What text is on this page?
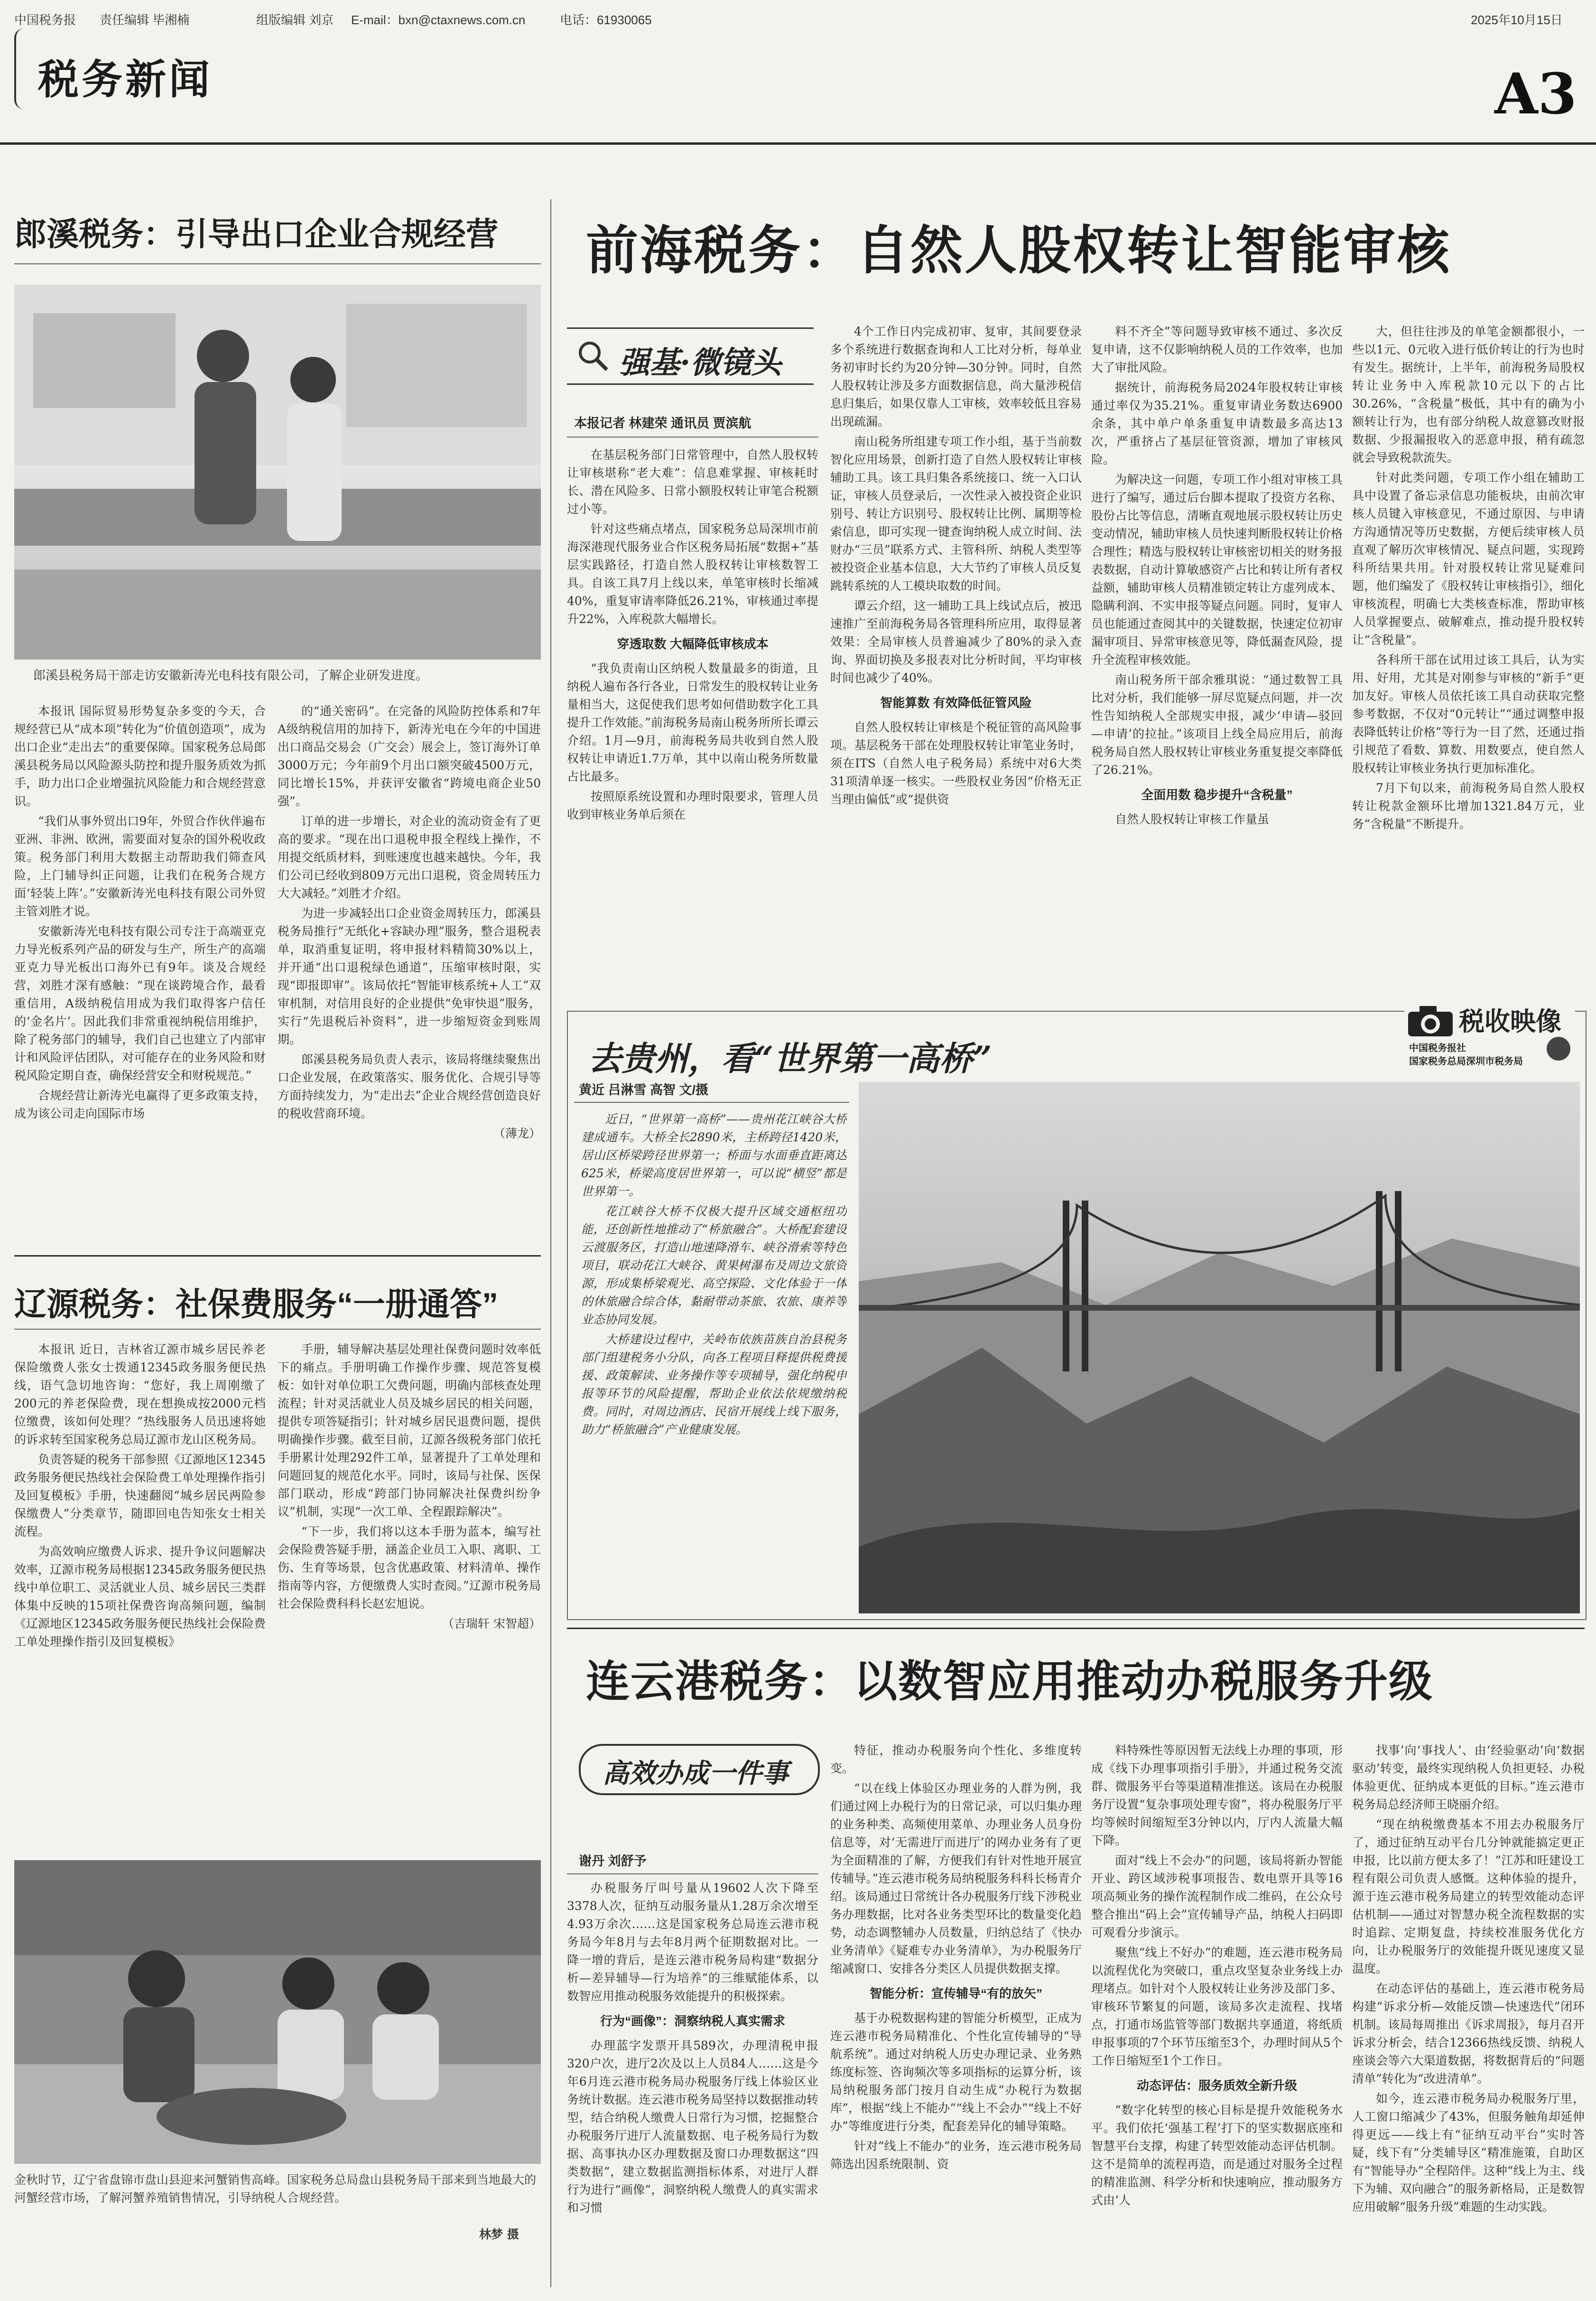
中国税务报 责任编辑 毕湘楠	组版编辑 刘京 E-mail：bxn@ctaxnews.com.cn	电话：61930065	2025年10月15日
税务新闻	A3
郎溪税务：引导出口企业合规经营
郎溪县税务局干部走访安徽新涛光电科技有限公司，了解企业研发进度。

本报讯 国际贸易形势复杂多变的今天，合规经营已从“成本项”转化为“价值创造项”，成为出口企业“走出去”的重要保障。国家税务总局郎溪县税务局以风险源头防控和提升服务质效为抓手，助力出口企业增强抗风险能力和合规经营意识。

“我们从事外贸出口9年，外贸合作伙伴遍布亚洲、非洲、欧洲，需要面对复杂的国外税收政策。税务部门利用大数据主动帮助我们筛查风险，上门辅导纠正问题，让我们在税务合规方面‘轻装上阵’。”安徽新涛光电科技有限公司外贸主管刘胜才说。

安徽新涛光电科技有限公司专注于高端亚克力导光板系列产品的研发与生产，所生产的高端亚克力导光板出口海外已有9年。谈及合规经营，刘胜才深有感触：“现在谈跨境合作，最看重信用，A级纳税信用成为我们取得客户信任的‘金名片’。因此我们非常重视纳税信用维护，除了税务部门的辅导，我们自己也建立了内部审计和风险评估团队，对可能存在的业务风险和财税风险定期自查，确保经营安全和财税规范。”

合规经营让新涛光电赢得了更多政策支持，成为该公司走向国际市场

的“通关密码”。在完备的风险防控体系和7年A级纳税信用的加持下，新涛光电在今年的中国进出口商品交易会（广交会）展会上，签订海外订单3000万元；今年前9个月出口额突破4500万元，同比增长15%，并获评安徽省“跨境电商企业50强”。

订单的进一步增长，对企业的流动资金有了更高的要求。“现在出口退税申报全程线上操作，不用提交纸质材料，到账速度也越来越快。今年，我们公司已经收到809万元出口退税，资金周转压力大大减轻。”刘胜才介绍。

为进一步减轻出口企业资金周转压力，郎溪县税务局推行“无纸化+容缺办理”服务，整合退税表单，取消重复证明，将申报材料精简30%以上，并开通“出口退税绿色通道”，压缩审核时限，实现“即报即审”。该局依托“智能审核系统+人工”双审机制，对信用良好的企业提供“免审快退”服务，实行“先退税后补资料”，进一步缩短资金到账周期。

郎溪县税务局负责人表示，该局将继续聚焦出口企业发展，在政策落实、服务优化、合规引导等方面持续发力，为“走出去”企业合规经营创造良好的税收营商环境。

（薄龙）

辽源税务：社保费服务“一册通答”

本报讯 近日，吉林省辽源市城乡居民养老保险缴费人张女士拨通12345政务服务便民热线，语气急切地咨询：“您好，我上周刚缴了200元的养老保险费，现在想换成按2000元档位缴费，该如何处理？”热线服务人员迅速将她的诉求转至国家税务总局辽源市龙山区税务局。

负责答疑的税务干部参照《辽源地区12345政务服务便民热线社会保险费工单处理操作指引及回复模板》手册，快速翻阅“城乡居民两险参保缴费人”分类章节，随即回电告知张女士相关流程。

为高效响应缴费人诉求、提升争议问题解决效率，辽源市税务局根据12345政务服务便民热线中单位职工、灵活就业人员、城乡居民三类群体集中反映的15项社保费咨询高频问题，编制《辽源地区12345政务服务便民热线社会保险费工单处理操作指引及回复模板》

手册，辅导解决基层处理社保费问题时效率低下的痛点。手册明确工作操作步骤、规范答复模板：如针对单位职工欠费问题，明确内部核查处理流程；针对灵活就业人员及城乡居民的相关问题，提供专项答疑指引；针对城乡居民退费问题，提供明确操作步骤。截至目前，辽源各级税务部门依托手册累计处理292件工单，显著提升了工单处理和问题回复的规范化水平。同时，该局与社保、医保部门联动，形成“跨部门协同解决社保费纠纷争议”机制，实现“一次工单、全程跟踪解决”。

“下一步，我们将以这本手册为蓝本，编写社会保险费答疑手册，涵盖企业员工入职、离职、工伤、生育等场景，包含优惠政策、材料清单、操作指南等内容，方便缴费人实时查阅。”辽源市税务局社会保险费科科长赵宏旭说。

（吉瑞轩 宋智超）

金秋时节，辽宁省盘锦市盘山县迎来河蟹销售高峰。国家税务总局盘山县税务局干部来到当地最大的河蟹经营市场，了解河蟹养殖销售情况，引导纳税人合规经营。
林梦 摄
前海税务：自然人股权转让智能审核
强基·微镜头
本报记者 林建荣 通讯员 贾滨航

在基层税务部门日常管理中，自然人股权转让审核堪称“老大难”：信息难掌握、审核耗时长、潜在风险多、日常小额股权转让审笔合税额过小等。

针对这些痛点堵点，国家税务总局深圳市前海深港现代服务业合作区税务局拓展“数据+”基层实践路径，打造自然人股权转让审核数智工具。自该工具7月上线以来，单笔审核时长缩减40%，重复审请率降低26.21%，审核通过率提升22%，入库税款大幅增长。

穿透取数 大幅降低审核成本

“我负责南山区纳税人数量最多的街道，且纳税人遍布各行各业，日常发生的股权转让业务量相当大，这促使我们思考如何借助数字化工具提升工作效能。”前海税务局南山税务所所长谭云介绍。1月—9月，前海税务局共收到自然人股权转让申请近1.7万单，其中以南山税务所数量占比最多。

按照原系统设置和办理时限要求，管理人员收到审核业务单后须在

4个工作日内完成初审、复审，其间要登录多个系统进行数据查询和人工比对分析，每单业务初审时长约为20分钟—30分钟。同时，自然人股权转让涉及多方面数据信息，尚大量涉税信息归集后，如果仅靠人工审核，效率较低且容易出现疏漏。

南山税务所组建专项工作小组，基于当前数智化应用场景，创新打造了自然人股权转让审核辅助工具。该工具归集各系统接口、统一入口认证，审核人员登录后，一次性录入被投资企业识别号、转让方识别号、股权转让比例、属期等检索信息，即可实现一键查询纳税人成立时间、法财办“三员”联系方式、主管科所、纳税人类型等被投资企业基本信息，大大节约了审核人员反复跳转系统的人工模块取数的时间。

谭云介绍，这一辅助工具上线试点后，被迅速推广至前海税务局各管理科所应用，取得显著效果：全局审核人员普遍减少了80%的录入查询、界面切换及多报表对比分析时间，平均审核时间也减少了40%。

智能算数 有效降低征管风险

自然人股权转让审核是个税征管的高风险事项。基层税务干部在处理股权转让审笔业务时，须在ITS（自然人电子税务局）系统中对6大类31项清单逐一核实。一些股权业务因“价格无正当理由偏低”或“提供资

料不齐全”等问题导致审核不通过、多次反复申请，这不仅影响纳税人员的工作效率，也加大了审批风险。

据统计，前海税务局2024年股权转让审核通过率仅为35.21%。重复审请业务数达6900余条，其中单户单条重复申请数最多高达13次，严重挤占了基层征管资源，增加了审核风险。

为解决这一问题，专项工作小组对审核工具进行了编写，通过后台脚本提取了投资方名称、股份占比等信息，清晰直观地展示股权转让历史变动情况，辅助审核人员快速判断股权转让价格合理性；精选与股权转让审核密切相关的财务报表数据，自动计算敏感资产占比和转让所有者权益额，辅助审核人员精准锁定转让方虚列成本、隐瞒利润、不实申报等疑点问题。同时，复审人员也能通过查阅其中的关键数据，快速定位初审漏审项目、异常审核意见等，降低漏查风险，提升全流程审核效能。

南山税务所干部余雅琪说：“通过数智工具比对分析，我们能够一屏尽览疑点问题，并一次性告知纳税人全部规实申报，减少‘申请—驳回—申请’的拉扯。”该项目上线全局应用后，前海税务局自然人股权转让审核业务重复提交率降低了26.21%。

全面用数 稳步提升“含税量”

自然人股权转让审核工作量虽

大，但往往涉及的单笔金额都很小，一些以1元、0元收入进行低价转让的行为也时有发生。据统计，上半年，前海税务局股权转让业务中入库税款10元以下的占比30.26%，“含税量”极低，其中有的确为小额转让行为，也有部分纳税人故意篡改财报数据、少报漏报收入的恶意申报，稍有疏忽就会导致税款流失。

针对此类问题，专项工作小组在辅助工具中设置了备忘录信息功能板块，由前次审核人员键入审核意见，不通过原因、与申请方沟通情况等历史数据，方便后续审核人员直观了解历次审核情况、疑点问题，实现跨科所结果共用。针对股权转让常见疑难问题，他们编发了《股权转让审核指引》，细化审核流程，明确七大类核查标准，帮助审核人员掌握要点、破解难点，推动提升股权转让“含税量”。

各科所干部在试用过该工具后，认为实用、好用，尤其是对刚参与审核的“新手”更加友好。审核人员依托该工具自动获取完整参考数据，不仅对“0元转让”“通过调整申报表降低转让价格”等行为一目了然，还通过指引规范了看数、算数、用数要点，使自然人股权转让审核业务执行更加标准化。

7月下旬以来，前海税务局自然人股权转让税款金额环比增加1321.84万元，业务“含税量”不断提升。

去贵州，看“世界第一高桥”
税收映像
中国税务报社
国家税务总局深圳市税务局
黄近 吕淋雪 高智 文/摄

近日，“世界第一高桥”——贵州花江峡谷大桥建成通车。大桥全长2890米，主桥跨径1420米，居山区桥梁跨径世界第一；桥面与水面垂直距离达625米，桥梁高度居世界第一，可以说“横竖”都是世界第一。

花江峡谷大桥不仅极大提升区域交通枢纽功能，还创新性地推动了“桥旅融合”。大桥配套建设云渡服务区，打造山地速降滑车、峡谷滑索等特色项目，联动花江大峡谷、黄果树瀑布及周边文旅资源，形成集桥梁观光、高空探险、文化体验于一体的休旅融合综合体，黏耐带动茶旅、农旅、康养等业态协同发展。

大桥建设过程中，关岭布依族苗族自治县税务部门组建税务小分队，向各工程项目释提供税费援援、政策解读、业务操作等专项辅导，强化纳税申报等环节的风险提醒，帮助企业依法依规缴纳税费。同时，对周边酒店、民宿开展线上线下服务，助力“桥旅融合”产业健康发展。

连云港税务：以数智应用推动办税服务升级
高效办成一件事
谢丹 刘舒予

办税服务厅叫号量从19602人次下降至3378人次，征纳互动服务量从1.28万余次增至4.93万余次……这是国家税务总局连云港市税务局今年8月与去年8月两个征期数据对比。一降一增的背后，是连云港市税务局构建“数据分析—差异辅导—行为培养”的三维赋能体系，以数智应用推动税服务效能提升的积极探索。

行为“画像”：洞察纳税人真实需求

办理蓝字发票开具589次，办理清税申报320户次，进厅2次及以上人员84人……这是今年6月连云港市税务局办税服务厅线上体验区业务统计数据。连云港市税务局坚持以数据推动转型，结合纳税人缴费人日常行为习惯，挖掘整合办税服务厅进厅人流量数据、电子税务局行为数据、高事执办区办理数据及窗口办理数据这“四类数据”，建立数据监测指标体系，对进厅人群行为进行“画像”，洞察纳税人缴费人的真实需求和习惯

特征，推动办税服务向个性化、多维度转变。

“以在线上体验区办理业务的人群为例，我们通过网上办税行为的日常记录，可以归集办理的业务种类、高频使用菜单、办理业务人员身份信息等，对‘无需进厅而进厅’的网办业务有了更为全面精准的了解，方便我们有针对性地开展宣传辅导。”连云港市税务局纳税服务科科长杨青介绍。该局通过日常统计各办税服务厅线下涉税业务办理数据，比对各业务类型环比的数量变化趋势，动态调整辅办人员数量，归纳总结了《快办业务清单》《疑难专办业务清单》，为办税服务厅缩减窗口、安排各分类区人员提供数据支撑。

智能分析：宣传辅导“有的放矢”

基于办税数据构建的智能分析模型，正成为连云港市税务局精准化、个性化宣传辅导的“导航系统”。通过对纳税人历史办理记录、业务熟练度标签、咨询频次等多项指标的运算分析，该局纳税服务部门按月自动生成“办税行为数据库”，根据“线上不能办”“线上不会办”“线上不好办”等维度进行分类，配套差异化的辅导策略。

针对“线上不能办”的业务，连云港市税务局筛选出因系统限制、资

料特殊性等原因暂无法线上办理的事项，形成《线下办理事项指引手册》，并通过税务交流群、微服务平台等渠道精准推送。该局在办税服务厅设置“复杂事项处理专窗”，将办税服务厅平均等候时间缩短至3分钟以内，厅内人流量大幅下降。

面对“线上不会办”的问题，该局将新办智能开业、跨区域涉税事项报告、数电票开具等16项高频业务的操作流程制作成二维码，在公众号整合推出“码上会”宣传辅导产品，纳税人扫码即可观看分步演示。

聚焦“线上不好办”的难题，连云港市税务局以流程优化为突破口，重点攻坚复杂业务线上办理堵点。如针对个人股权转让业务涉及部门多、审核环节繁复的问题，该局多次走流程、找堵点，打通市场监管等部门数据共享通道，将纸质申报事项的7个环节压缩至3个，办理时间从5个工作日缩短至1个工作日。

动态评估：服务质效全新升级

“数字化转型的核心目标是提升效能税务水平。我们依托‘强基工程’打下的坚实数据底座和智慧平台支撑，构建了转型效能动态评估机制。这不是简单的流程再造，而是通过对服务全过程的精准监测、科学分析和快速响应，推动服务方式由‘人

找事’向‘事找人’、由‘经验驱动’向‘数据驱动’转变，最终实现纳税人负担更轻、办税体验更优、征纳成本更低的目标。”连云港市税务局总经济师王晓丽介绍。

“现在纳税缴费基本不用去办税服务厅了，通过征纳互动平台几分钟就能搞定更正申报，比以前方便太多了！”江苏和旺建设工程有限公司负责人感慨。这种体验的提升，源于连云港市税务局建立的转型效能动态评估机制——通过对智慧办税全流程数据的实时追踪、定期复盘，持续校准服务优化方向，让办税服务厅的效能提升既见速度又显温度。

在动态评估的基础上，连云港市税务局构建“诉求分析—效能反馈—快速迭代”闭环机制。该局每周推出《诉求周报》，每月召开诉求分析会，结合12366热线反馈、纳税人座谈会等六大渠道数据，将数据背后的“问题清单”转化为“改进清单”。

如今，连云港市税务局办税服务厅里，人工窗口缩减少了43%，但服务触角却延伸得更远——线上有“征纳互动平台”实时答疑，线下有“分类辅导区”精准施策，自助区有“智能导办”全程陪伴。这种“线上为主、线下为辅、双向融合”的服务新格局，正是数智应用破解“服务升级”难题的生动实践。
